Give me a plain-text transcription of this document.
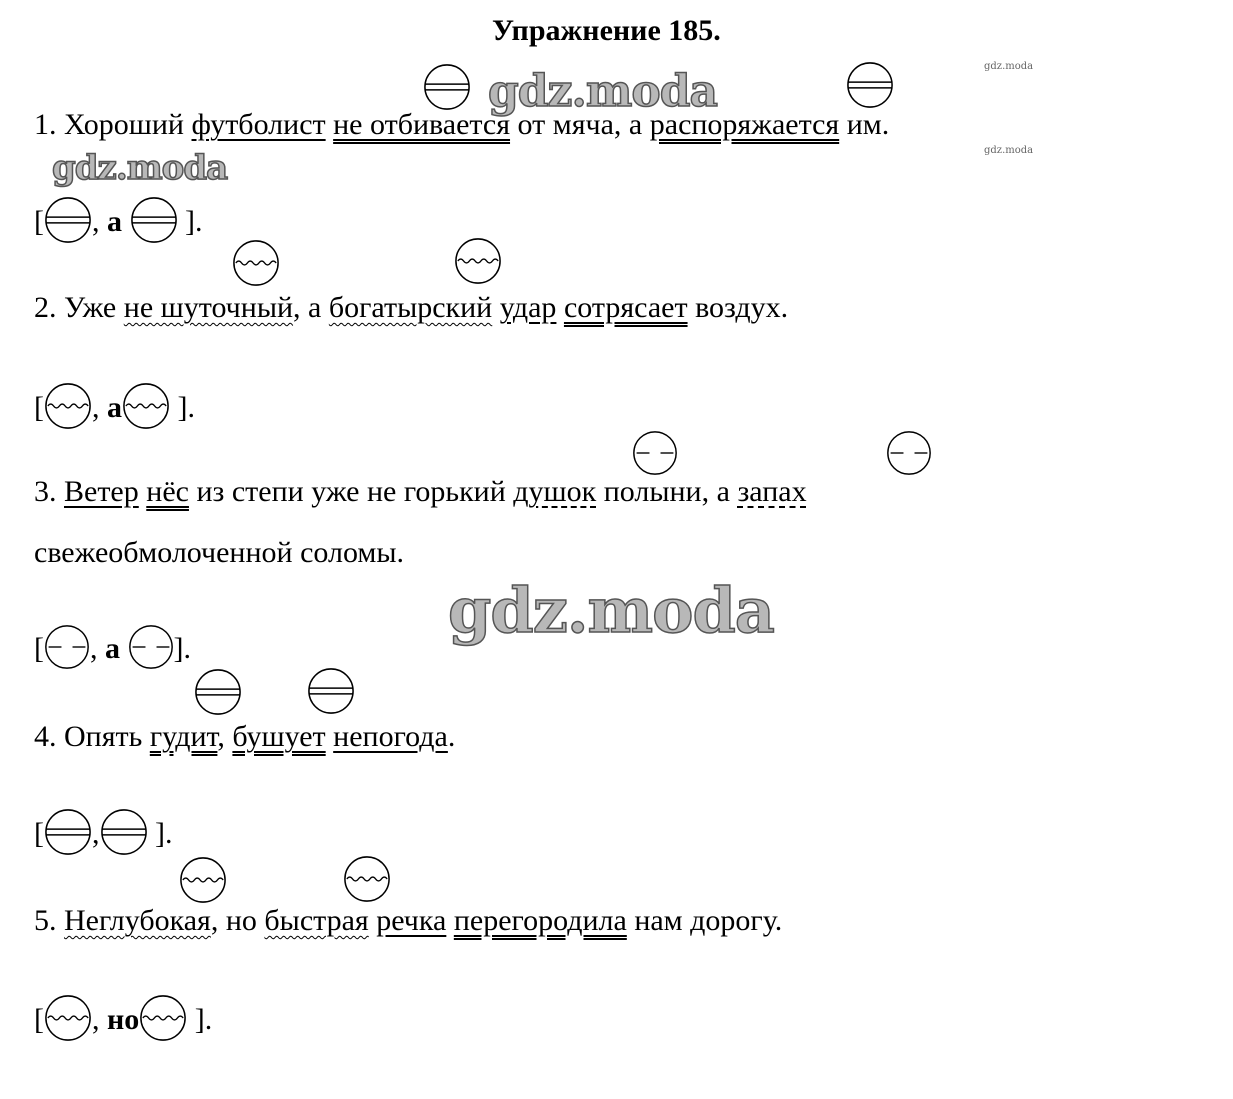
Упражнение 185.
gdz.moda
gdz.moda
gdz.moda
gdz.moda
gdz.moda
1. Хороший футболист не отбивается от мяча, а распоряжается им.
[ , а ].
2. Уже не шуточный, а богатырский удар сотрясает воздух.
[ , а ].
3. Ветер нёс из степи уже не горький душок полыни, а запах
свежеобмолоченной соломы.
[ , а ].
4. Опять гудит, бушует непогода.
[ , ].
5. Неглубокая, но быстрая речка перегородила нам дорогу.
[ , но ].
